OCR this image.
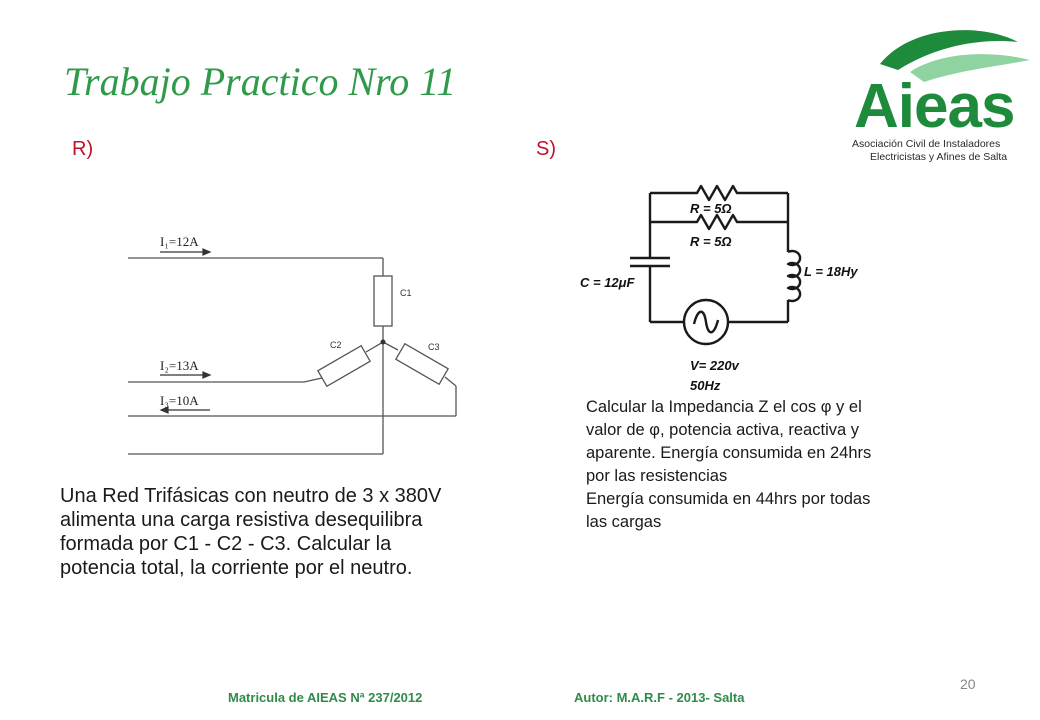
Trabajo Practico Nro 11
R)	S)
Aieas
Asociación Civil de Instaladores
Electricistas y Afines de Salta
I₁=12A
I₂=13A
I₃=10A
C1
C2	C3
R = 5Ω
R = 5Ω
C = 12μF
L = 18Hy
V= 220v
50Hz
Una Red Trifásicas con neutro de 3 x 380V
alimenta una carga resistiva desequilibra
formada por C1 - C2 - C3. Calcular la
potencia total, la corriente por el neutro.
Calcular la Impedancia Z el cos φ y el
valor de φ, potencia activa, reactiva y
aparente. Energía consumida en 24hrs
por las resistencias
Energía consumida en 44hrs por todas
las cargas
20
Matricula de AIEAS Nª 237/2012	Autor: M.A.R.F - 2013- Salta
